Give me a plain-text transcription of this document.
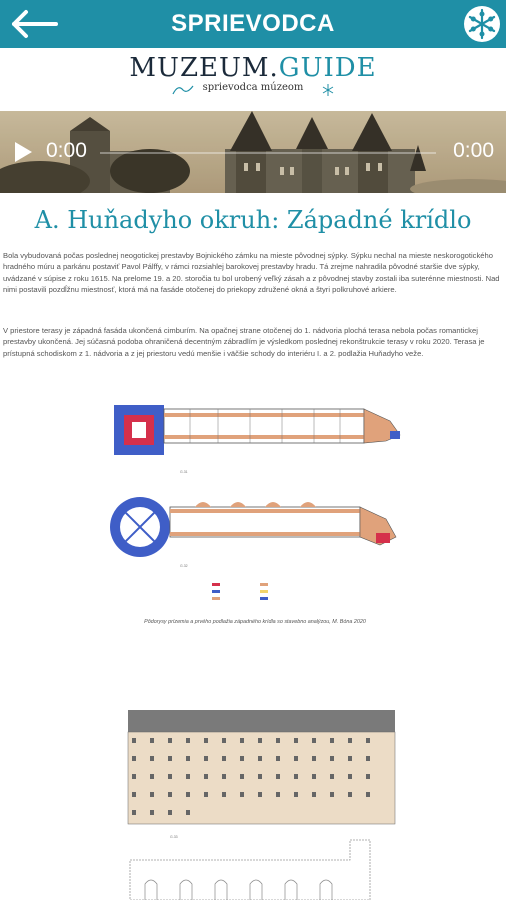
SPRIEVODCA
MUZEUM.GUIDE
sprievodca múzeom
0:00	0:00
A. Huňadyho okruh: Západné krídlo
Bola vybudovaná počas poslednej neogotickej prestavby Bojnického zámku na mieste pôvodnej sýpky. Sýpku nechal na mieste neskorogotického hradného múru a parkánu postaviť Pavol Pálffy, v rámci rozsiahlej barokovej prestavby hradu. Tá zrejme nahradila pôvodné staršie dve sýpky, uvádzané v súpise z roku 1615. Na prelome 19. a 20. storočia tu bol urobený veľký zásah a z pôvodnej stavby zostali iba suterénne miestnosti. Nad nimi postavili pozdĺžnu miestnosť, ktorá má na fasáde otočenej do priekopy združené okná a štyri polkruhové arkiere.
V priestore terasy je západná fasáda ukončená cimburím. Na opačnej strane otočenej do 1. nádvoria plochá terasa nebola počas romantickej prestavby ukončená. Jej súčasná podoba ohraničená decentným zábradlím je výsledkom poslednej rekonštrukcie terasy v roku 2020. Terasa je prístupná schodiskom z 1. nádvoria a z jej priestoru vedú menšie i väčšie schody do interiéru I. a 2. podlažia Huňadyho veže.
G.31
G.32
Pôdorysy prízemia a prvého podlažia západného krídla so stavebno analýzou, M. Bóna 2020
G.33
